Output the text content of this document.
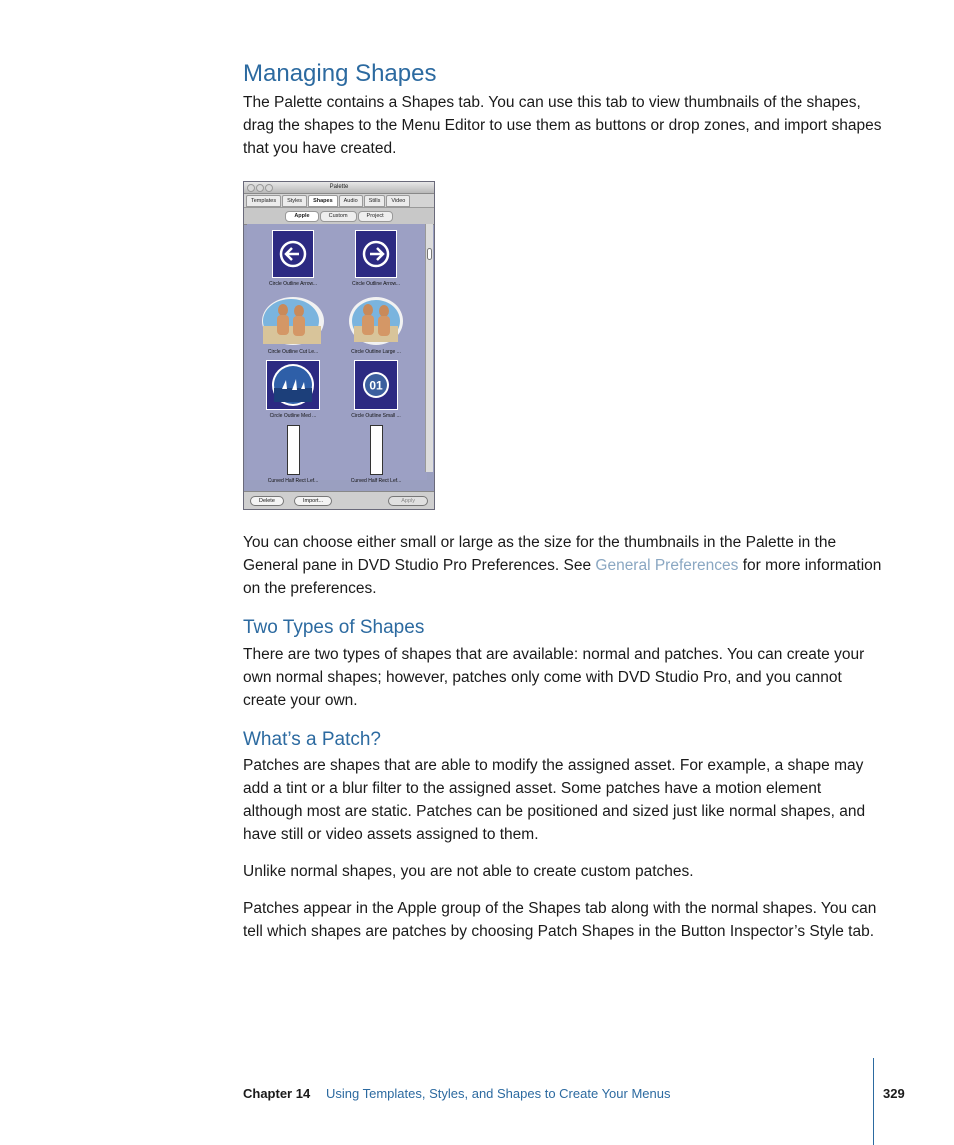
Managing Shapes

The Palette contains a Shapes tab. You can use this tab to view thumbnails of the shapes, drag the shapes to the Menu Editor to use them as buttons or drop zones, and import shapes that you have created.

Palette
Templates	Styles	Shapes	Audio	Stills	Video
Apple	Custom	Project
Circle Outline Arrow...	Circle Outline Arrow...
Circle Outline Cut Le...	Circle Outline Large ...
Circle Outline Med ...
01
Circle Outline Small ...
Curved Half Rect Lef...	Curved Half Rect Lef...
Delete	Import...	Apply

You can choose either small or large as the size for the thumbnails in the Palette in the General pane in DVD Studio Pro Preferences. See General Preferences for more information on the preferences.

Two Types of Shapes

There are two types of shapes that are available: normal and patches. You can create your own normal shapes; however, patches only come with DVD Studio Pro, and you cannot create your own.

What’s a Patch?

Patches are shapes that are able to modify the assigned asset. For example, a shape may add a tint or a blur filter to the assigned asset. Some patches have a motion element although most are static. Patches can be positioned and sized just like normal shapes, and have still or video assets assigned to them.

Unlike normal shapes, you are not able to create custom patches.

Patches appear in the Apple group of the Shapes tab along with the normal shapes. You can tell which shapes are patches by choosing Patch Shapes in the Button Inspector’s Style tab.

Chapter 14 Using Templates, Styles, and Shapes to Create Your Menus	329
